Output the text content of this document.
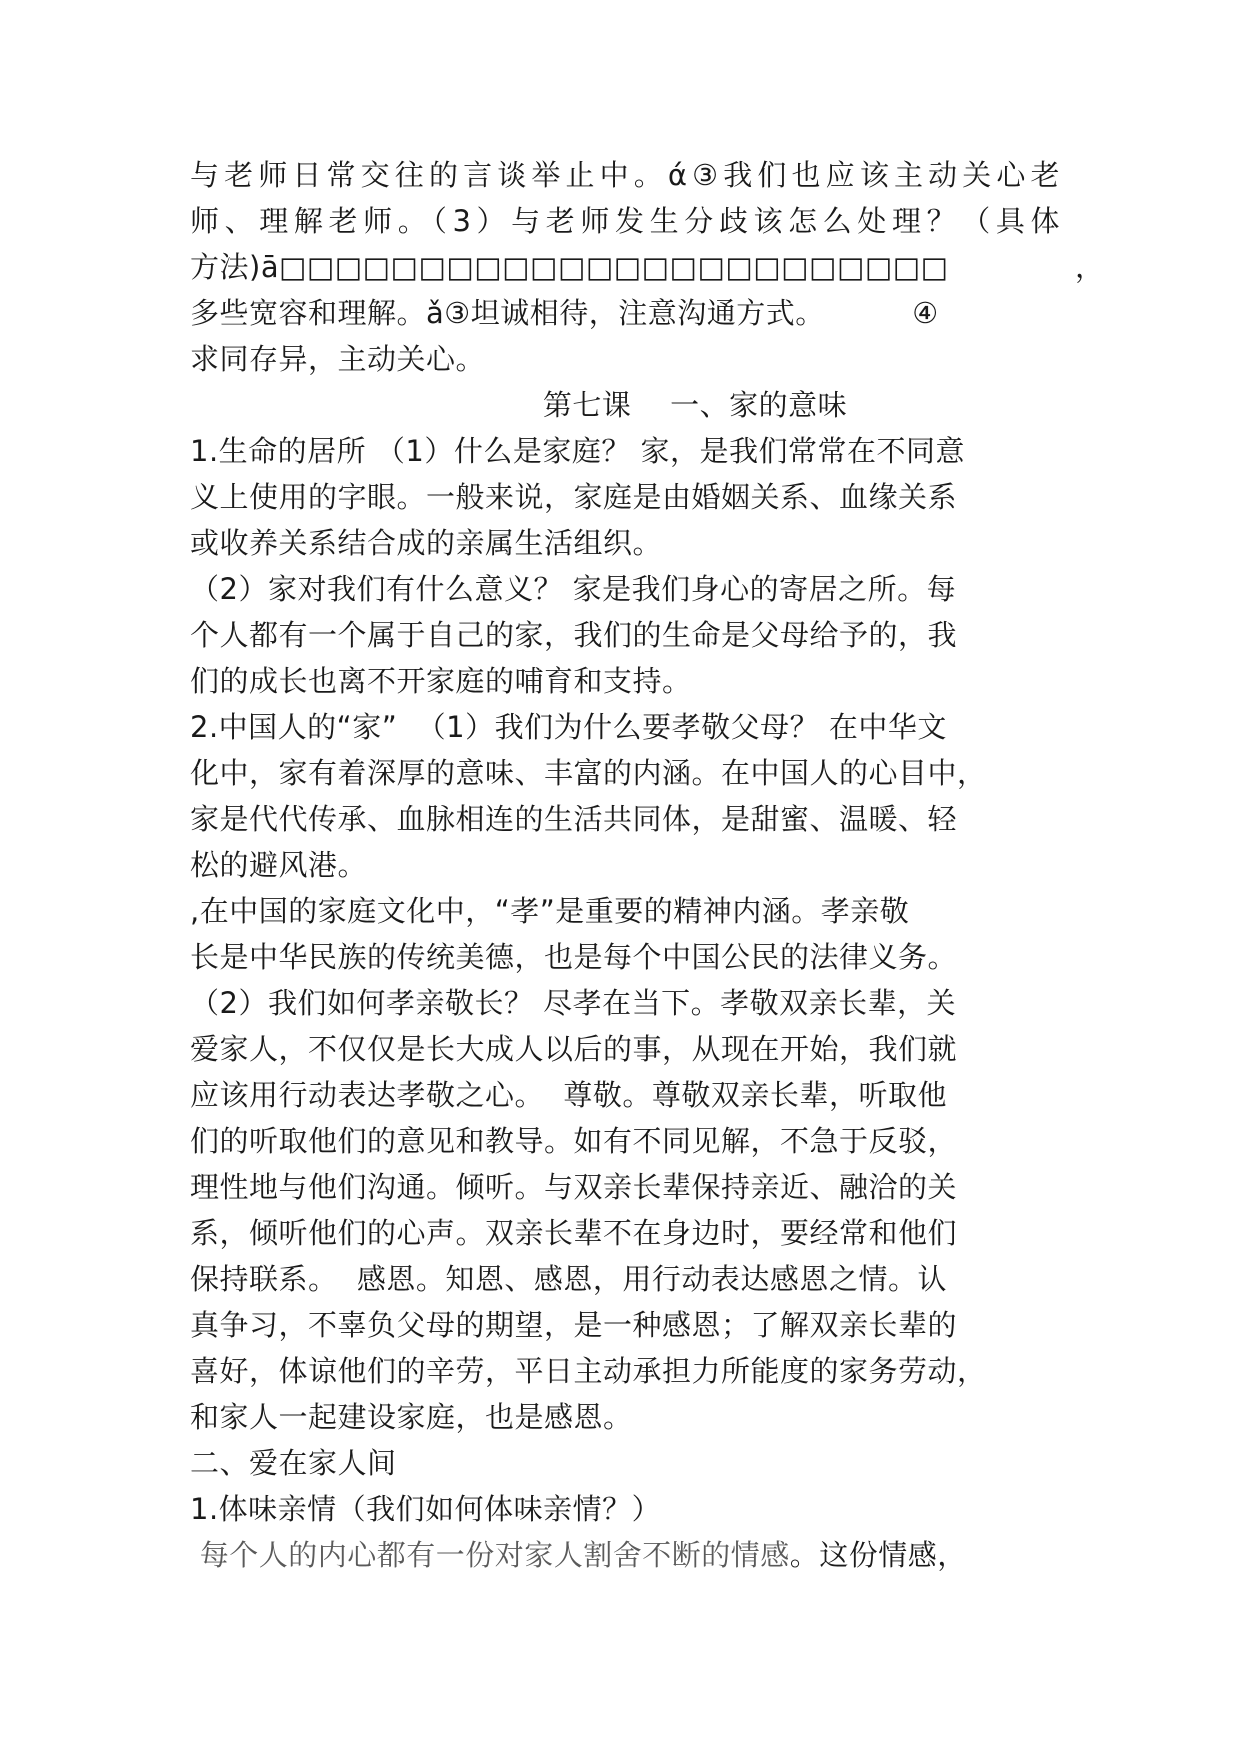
与老师日常交往的言谈举止中。ά③我们也应该主动关心老
师、理解老师。（3）与老师发生分歧该怎么处理？（具体
方法)ā□□□□□□□□□□□□□□□□□□□□□□□□             ，
多些宽容和理解。ǎ③坦诚相待，注意沟通方式。         ④
求同存异，主动关心。
第七课    一、家的意味
1.生命的居所 （1）什么是家庭？ 家，是我们常常在不同意
义上使用的字眼。一般来说，家庭是由婚姻关系、血缘关系
或收养关系结合成的亲属生活组织。
（2）家对我们有什么意义？ 家是我们身心的寄居之所。每
个人都有一个属于自己的家，我们的生命是父母给予的，我
们的成长也离不开家庭的哺育和支持。
2.中国人的“家”  （1）我们为什么要孝敬父母？ 在中华文
化中，家有着深厚的意味、丰富的内涵。在中国人的心目中，
家是代代传承、血脉相连的生活共同体，是甜蜜、温暖、轻
松的避风港。
,在中国的家庭文化中，“孝”是重要的精神内涵。孝亲敬
长是中华民族的传统美德，也是每个中国公民的法律义务。
（2）我们如何孝亲敬长？ 尽孝在当下。孝敬双亲长辈，关
爱家人，不仅仅是长大成人以后的事，从现在开始，我们就
应该用行动表达孝敬之心。  尊敬。尊敬双亲长辈，听取他
们的听取他们的意见和教导。如有不同见解，不急于反驳，
理性地与他们沟通。倾听。与双亲长辈保持亲近、融洽的关
系，倾听他们的心声。双亲长辈不在身边时，要经常和他们
保持联系。  感恩。知恩、感恩，用行动表达感恩之情。认
真争习，不辜负父母的期望，是一种感恩；了解双亲长辈的
喜好，体谅他们的辛劳，平日主动承担力所能度的家务劳动，
和家人一起建设家庭，也是感恩。
二、爱在家人间
1.体味亲情（我们如何体味亲情？）
每个人的内心都有一份对家人割舍不断的情感。这份情感，
